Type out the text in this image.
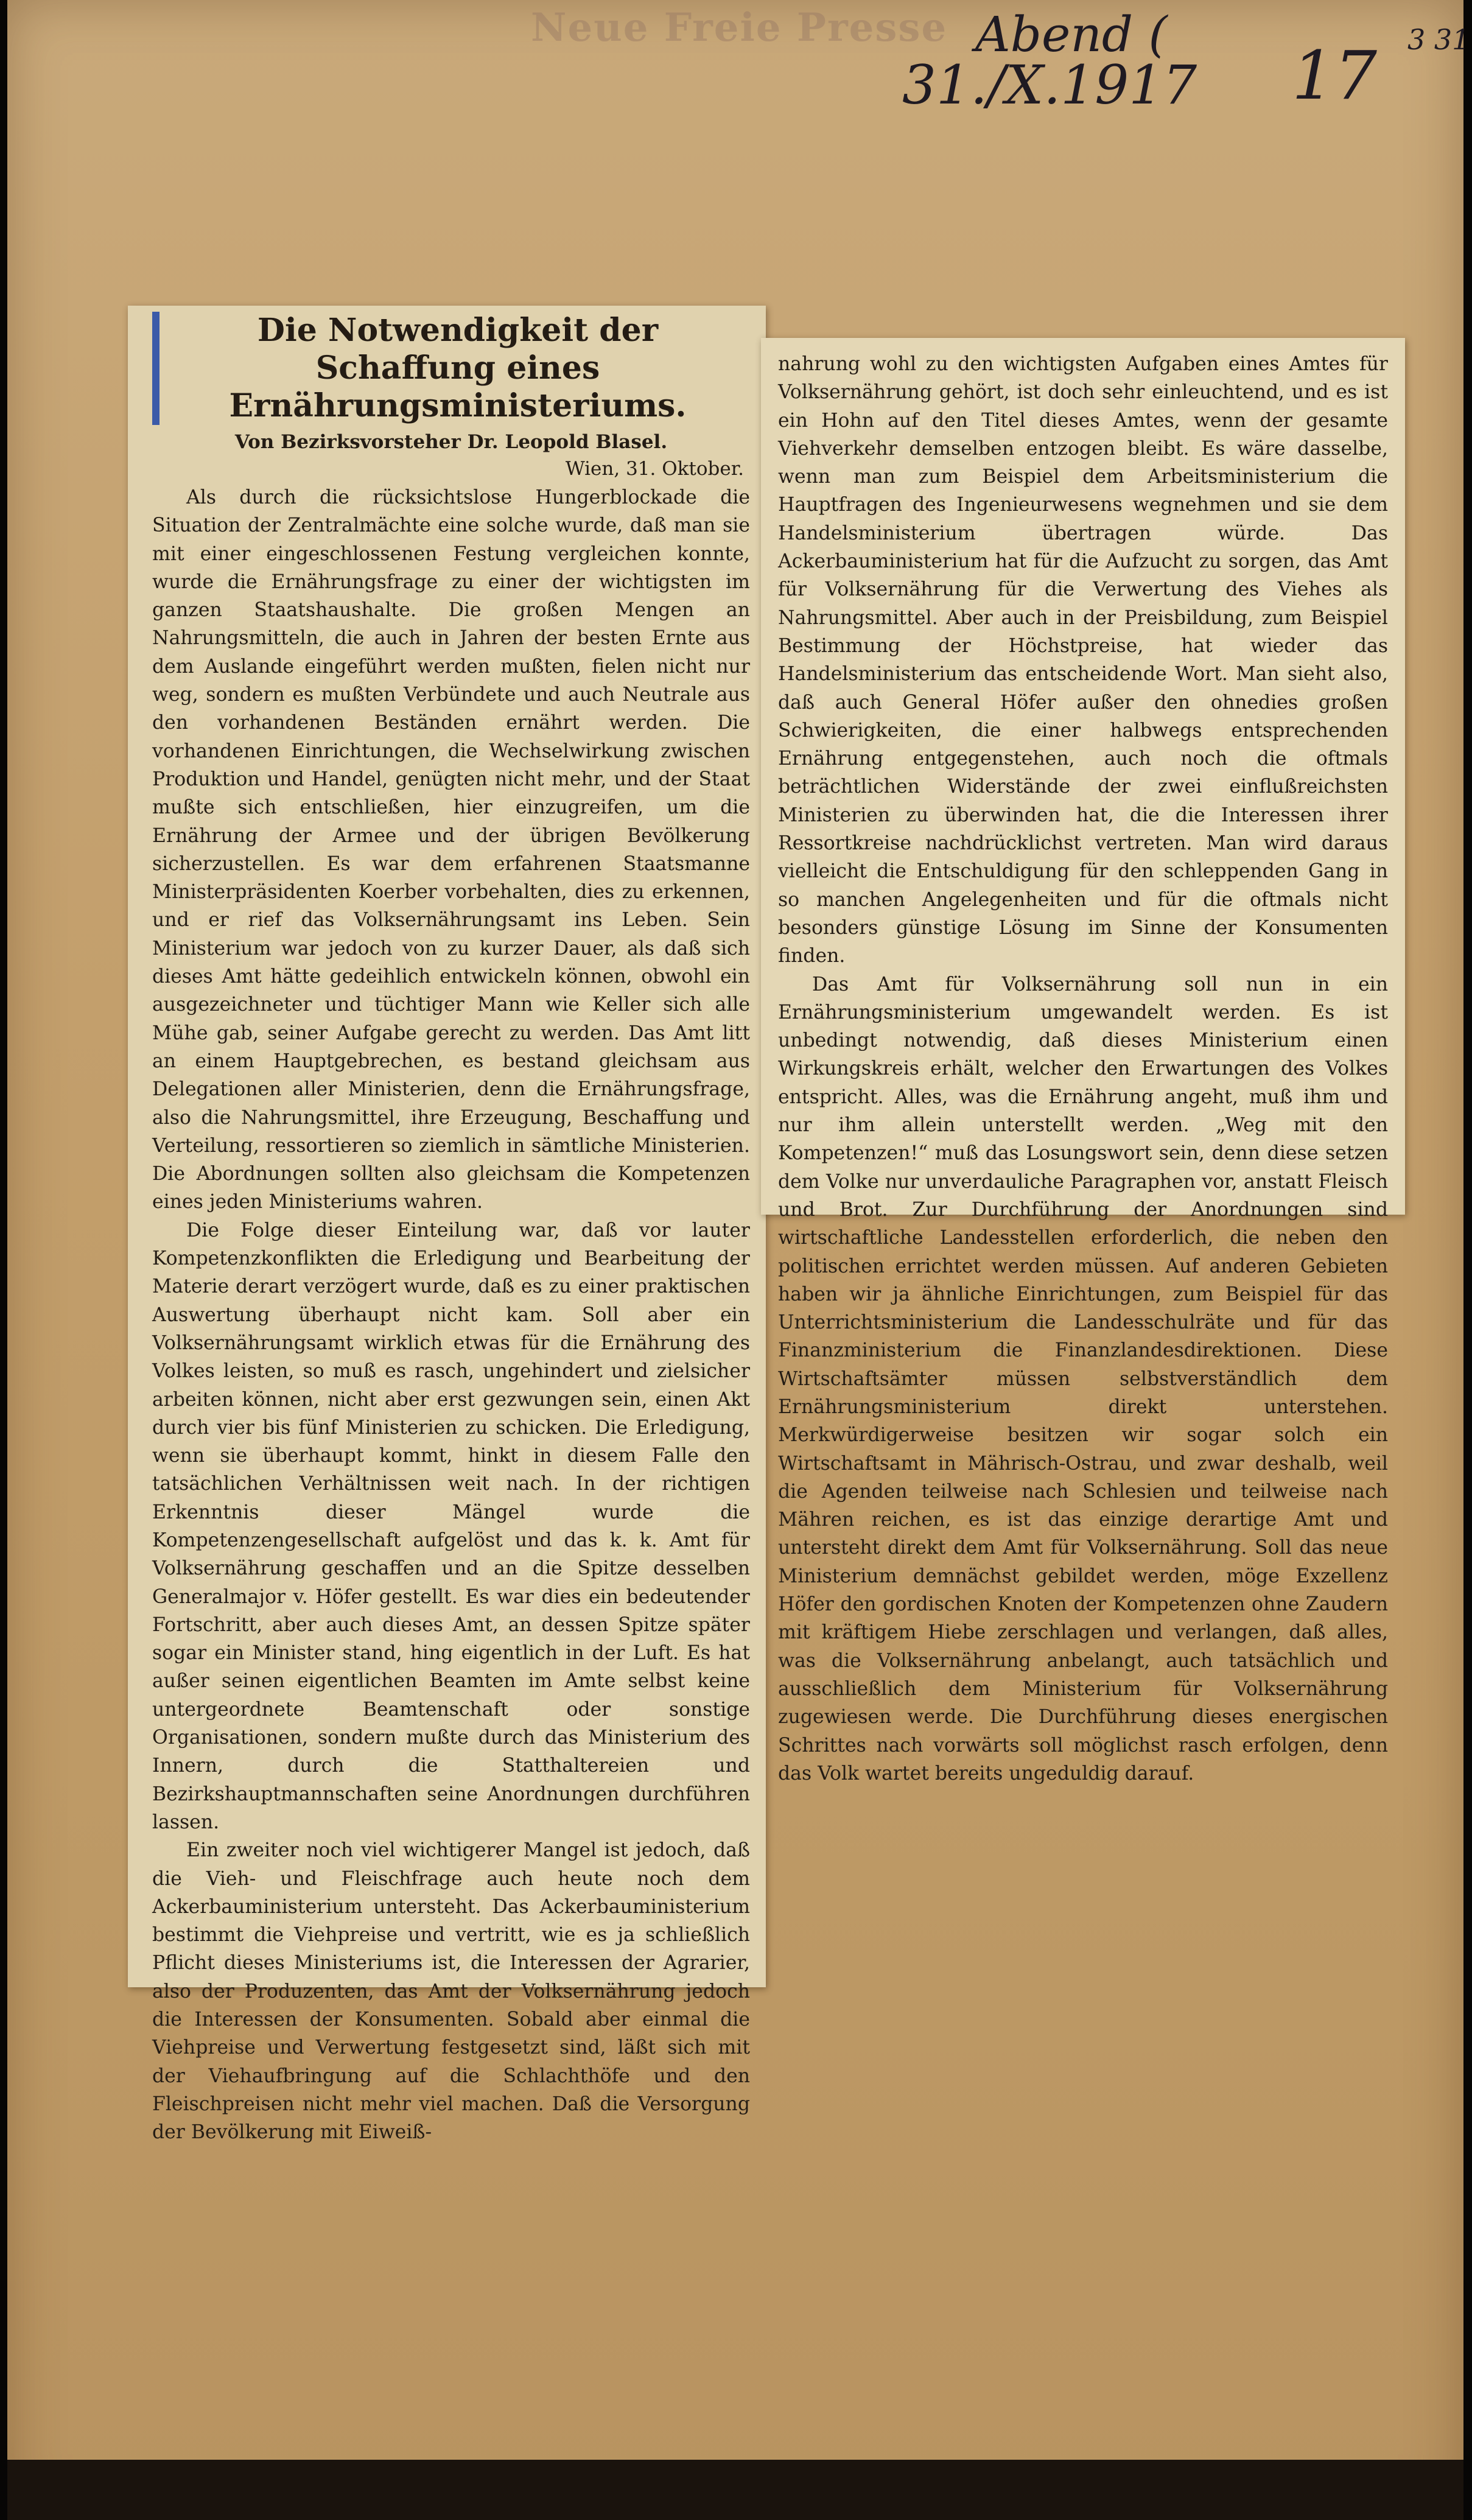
Neue Freie Presse Abend (
31./X.1917 17 3 31
Die Notwendigkeit der Schaffung eines Ernährungsministeriums.

Von Bezirksvorsteher Dr. Leopold Blasel.

Wien, 31. Oktober.

Als durch die rücksichtslose Hungerblockade die Situation der Zentralmächte eine solche wurde, daß man sie mit einer eingeschlossenen Festung vergleichen konnte, wurde die Ernährungsfrage zu einer der wichtigsten im ganzen Staatshaushalte. Die großen Mengen an Nahrungsmitteln, die auch in Jahren der besten Ernte aus dem Auslande eingeführt werden mußten, fielen nicht nur weg, sondern es mußten Verbündete und auch Neutrale aus den vorhandenen Beständen ernährt werden. Die vorhandenen Einrichtungen, die Wechselwirkung zwischen Produktion und Handel, genügten nicht mehr, und der Staat mußte sich entschließen, hier einzugreifen, um die Ernährung der Armee und der übrigen Bevölkerung sicherzustellen. Es war dem erfahrenen Staatsmanne Ministerpräsidenten Koerber vorbehalten, dies zu erkennen, und er rief das Volksernährungsamt ins Leben. Sein Ministerium war jedoch von zu kurzer Dauer, als daß sich dieses Amt hätte gedeihlich entwickeln können, obwohl ein ausgezeichneter und tüchtiger Mann wie Keller sich alle Mühe gab, seiner Aufgabe gerecht zu werden. Das Amt litt an einem Hauptgebrechen, es bestand gleichsam aus Delegationen aller Ministerien, denn die Ernährungsfrage, also die Nahrungsmittel, ihre Erzeugung, Beschaffung und Verteilung, ressortieren so ziemlich in sämtliche Ministerien. Die Abordnungen sollten also gleichsam die Kompetenzen eines jeden Ministeriums wahren.

Die Folge dieser Einteilung war, daß vor lauter Kompetenzkonflikten die Erledigung und Bearbeitung der Materie derart verzögert wurde, daß es zu einer praktischen Auswertung überhaupt nicht kam. Soll aber ein Volksernährungsamt wirklich etwas für die Ernährung des Volkes leisten, so muß es rasch, ungehindert und zielsicher arbeiten können, nicht aber erst gezwungen sein, einen Akt durch vier bis fünf Ministerien zu schicken. Die Erledigung, wenn sie überhaupt kommt, hinkt in diesem Falle den tatsächlichen Verhältnissen weit nach. In der richtigen Erkenntnis dieser Mängel wurde die Kompetenzengesellschaft aufgelöst und das k. k. Amt für Volksernährung geschaffen und an die Spitze desselben Generalmajor v. Höfer gestellt. Es war dies ein bedeutender Fortschritt, aber auch dieses Amt, an dessen Spitze später sogar ein Minister stand, hing eigentlich in der Luft. Es hat außer seinen eigentlichen Beamten im Amte selbst keine untergeordnete Beamtenschaft oder sonstige Organisationen, sondern mußte durch das Ministerium des Innern, durch die Statthaltereien und Bezirkshauptmannschaften seine Anordnungen durchführen lassen.

Ein zweiter noch viel wichtigerer Mangel ist jedoch, daß die Vieh- und Fleischfrage auch heute noch dem Ackerbauministerium untersteht. Das Ackerbauministerium bestimmt die Viehpreise und vertritt, wie es ja schließlich Pflicht dieses Ministeriums ist, die Interessen der Agrarier, also der Produzenten, das Amt der Volksernährung jedoch die Interessen der Konsumenten. Sobald aber einmal die Viehpreise und Verwertung festgesetzt sind, läßt sich mit der Viehaufbringung auf die Schlachthöfe und den Fleischpreisen nicht mehr viel machen. Daß die Versorgung der Bevölkerung mit Eiweiß-

nahrung wohl zu den wichtigsten Aufgaben eines Amtes für Volksernährung gehört, ist doch sehr einleuchtend, und es ist ein Hohn auf den Titel dieses Amtes, wenn der gesamte Viehverkehr demselben entzogen bleibt. Es wäre dasselbe, wenn man zum Beispiel dem Arbeitsministerium die Hauptfragen des Ingenieurwesens wegnehmen und sie dem Handelsministerium übertragen würde. Das Ackerbauministerium hat für die Aufzucht zu sorgen, das Amt für Volksernährung für die Verwertung des Viehes als Nahrungsmittel. Aber auch in der Preisbildung, zum Beispiel Bestimmung der Höchstpreise, hat wieder das Handelsministerium das entscheidende Wort. Man sieht also, daß auch General Höfer außer den ohnedies großen Schwierigkeiten, die einer halbwegs entsprechenden Ernährung entgegenstehen, auch noch die oftmals beträchtlichen Widerstände der zwei einflußreichsten Ministerien zu überwinden hat, die die Interessen ihrer Ressortkreise nachdrücklichst vertreten. Man wird daraus vielleicht die Entschuldigung für den schleppenden Gang in so manchen Angelegenheiten und für die oftmals nicht besonders günstige Lösung im Sinne der Konsumenten finden.

Das Amt für Volksernährung soll nun in ein Ernährungsministerium umgewandelt werden. Es ist unbedingt notwendig, daß dieses Ministerium einen Wirkungskreis erhält, welcher den Erwartungen des Volkes entspricht. Alles, was die Ernährung angeht, muß ihm und nur ihm allein unterstellt werden. „Weg mit den Kompetenzen!“ muß das Losungswort sein, denn diese setzen dem Volke nur unverdauliche Paragraphen vor, anstatt Fleisch und Brot. Zur Durchführung der Anordnungen sind wirtschaftliche Landesstellen erforderlich, die neben den politischen errichtet werden müssen. Auf anderen Gebieten haben wir ja ähnliche Einrichtungen, zum Beispiel für das Unterrichtsministerium die Landesschulräte und für das Finanzministerium die Finanzlandesdirektionen. Diese Wirtschaftsämter müssen selbstverständlich dem Ernährungsministerium direkt unterstehen. Merkwürdigerweise besitzen wir sogar solch ein Wirtschaftsamt in Mährisch-Ostrau, und zwar deshalb, weil die Agenden teilweise nach Schlesien und teilweise nach Mähren reichen, es ist das einzige derartige Amt und untersteht direkt dem Amt für Volksernährung. Soll das neue Ministerium demnächst gebildet werden, möge Exzellenz Höfer den gordischen Knoten der Kompetenzen ohne Zaudern mit kräftigem Hiebe zerschlagen und verlangen, daß alles, was die Volksernährung anbelangt, auch tatsächlich und ausschließlich dem Ministerium für Volksernährung zugewiesen werde. Die Durchführung dieses energischen Schrittes nach vorwärts soll möglichst rasch erfolgen, denn das Volk wartet bereits ungeduldig darauf.
